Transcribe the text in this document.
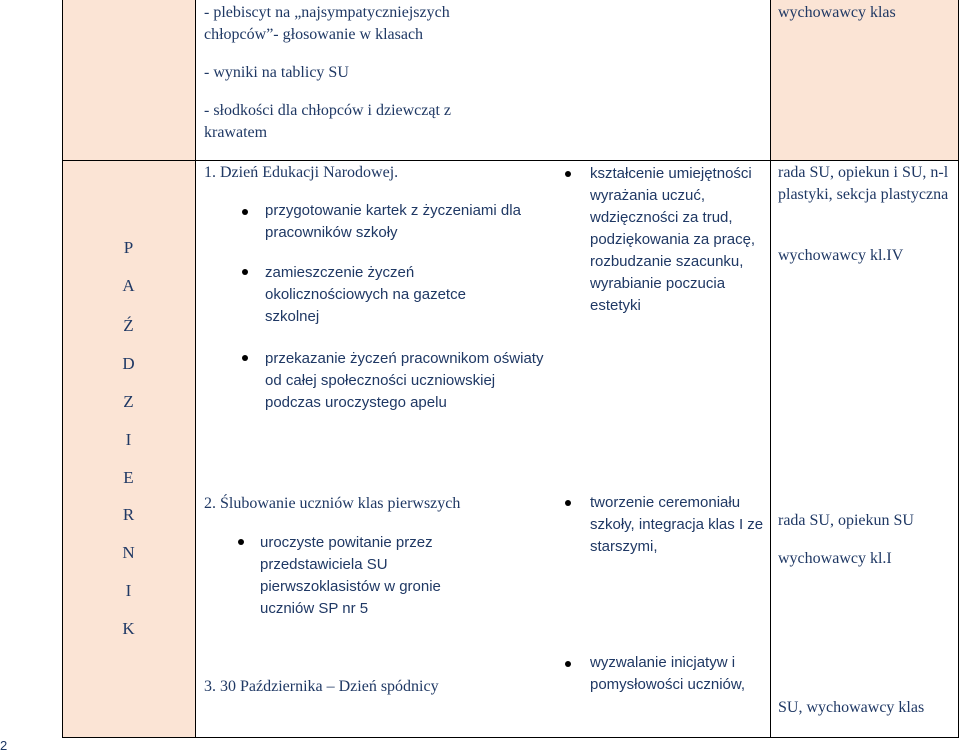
- plebiscyt na „najsympatyczniejszych chłopców”- głosowanie w klasach
- wyniki na tablicy SU
- słodkości dla chłopców i dziewcząt z krawatem
wychowawcy klas
P
A
Ź
D
Z
I
E
R
N
I
K
1. Dzień Edukacji Narodowej.
przygotowanie kartek z życzeniami dla pracowników szkoły
zamieszczenie życzeń okolicznościowych na gazetce szkolnej
przekazanie życzeń pracownikom oświaty od całej społeczności uczniowskiej podczas uroczystego apelu
kształcenie umiejętności wyrażania uczuć, wdzięczności za trud, podziękowania za pracę, rozbudzanie szacunku, wyrabianie poczucia estetyki
rada SU, opiekun i SU, n-l plastyki, sekcja plastyczna
wychowawcy kl.IV
2. Ślubowanie uczniów klas pierwszych
uroczyste powitanie przez przedstawiciela SU pierwszoklasistów w gronie uczniów SP nr 5
tworzenie ceremoniału szkoły, integracja klas I ze starszymi,
rada SU, opiekun SU
wychowawcy kl.I
3. 30 Października – Dzień spódnicy
wyzwalanie inicjatyw i pomysłowości uczniów,
SU, wychowawcy klas
2
